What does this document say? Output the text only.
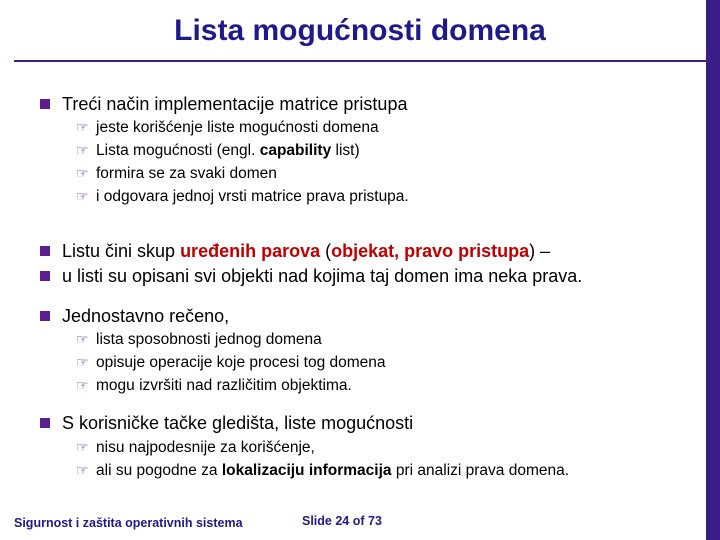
Lista mogućnosti domena
Treći način implementacije matrice pristupa
☞ jeste korišćenje liste mogućnosti domena
☞ Lista mogućnosti (engl. capability list)
☞ formira se za svaki domen
☞ i odgovara jednoj vrsti matrice prava pristupa.
Listu čini skup uređenih parova (objekat, pravo pristupa) –
u listi su opisani svi objekti nad kojima taj domen ima neka prava.
Jednostavno rečeno,
☞ lista sposobnosti jednog domena
☞ opisuje operacije koje procesi tog domena
☞ mogu izvršiti nad različitim objektima.
S korisničke tačke gledišta, liste mogućnosti
☞ nisu najpodesnije za korišćenje,
☞ ali su pogodne za lokalizaciju informacija pri analizi prava domena.
Sigurnost i zaštita operativnih sistema	Slide 24 of 73
